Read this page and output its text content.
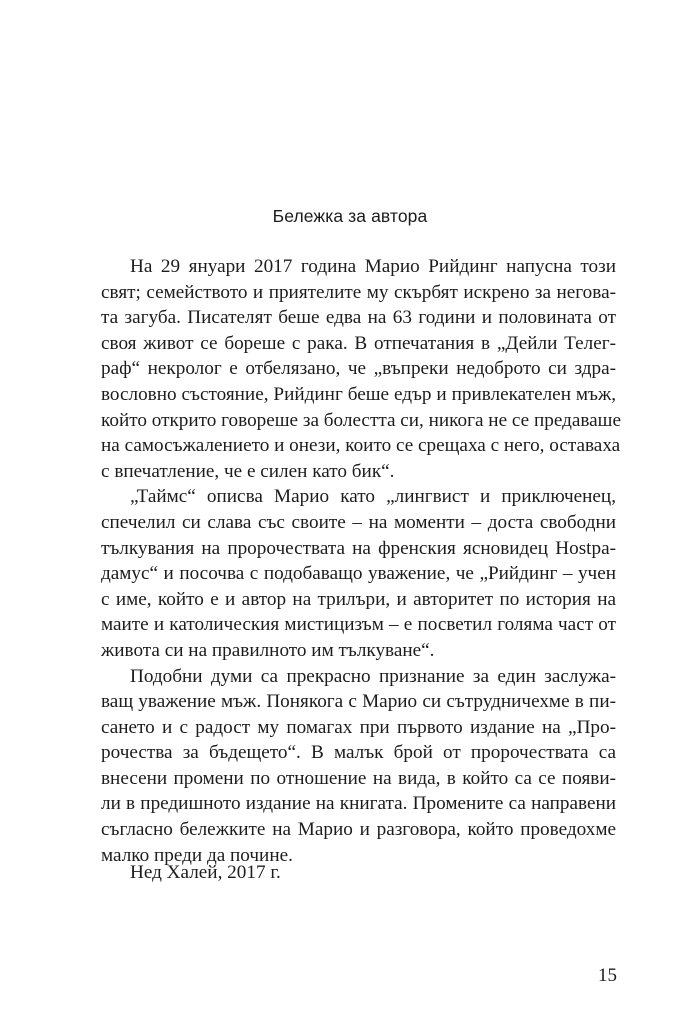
Бележка за автора
На 29 януари 2017 година Марио Рийдинг напусна този
свят; семейството и приятелите му скърбят искрено за негова-
та загуба. Писателят беше едва на 63 години и половината от
своя живот се бореше с рака. В отпечатания в „Дейли Телег-
раф“ некролог е отбелязано, че „въпреки недоброто си здра-
вословно състояние, Рийдинг беше едър и привлекателен мъж,
който открито говореше за болестта си, никога не се предаваше
на самосъжалението и онези, които се срещаха с него, оставаха
с впечатление, че е силен като бик“.
„Таймс“ описва Марио като „лингвист и приключенец,
спечелил си слава със своите – на моменти – доста свободни
тълкувания на пророчествата на френския ясновидец Нostра-
дамус“ и посочва с подобаващо уважение, че „Рийдинг – учен
с име, който е и автор на трилъри, и авторитет по история на
маите и католическия мистицизъм – е посветил голяма част от
живота си на правилното им тълкуване“.
Подобни думи са прекрасно признание за един заслужа-
ващ уважение мъж. Понякога с Марио си сътрудничехме в пи-
сането и с радост му помагах при първото издание на „Про-
рочества за бъдещето“. В малък брой от пророчествата са
внесени промени по отношение на вида, в който са се появи-
ли в предишното издание на книгата. Промените са направени
съгласно бележките на Марио и разговора, който проведохме
малко преди да почине.
Нед Халей, 2017 г.
15
